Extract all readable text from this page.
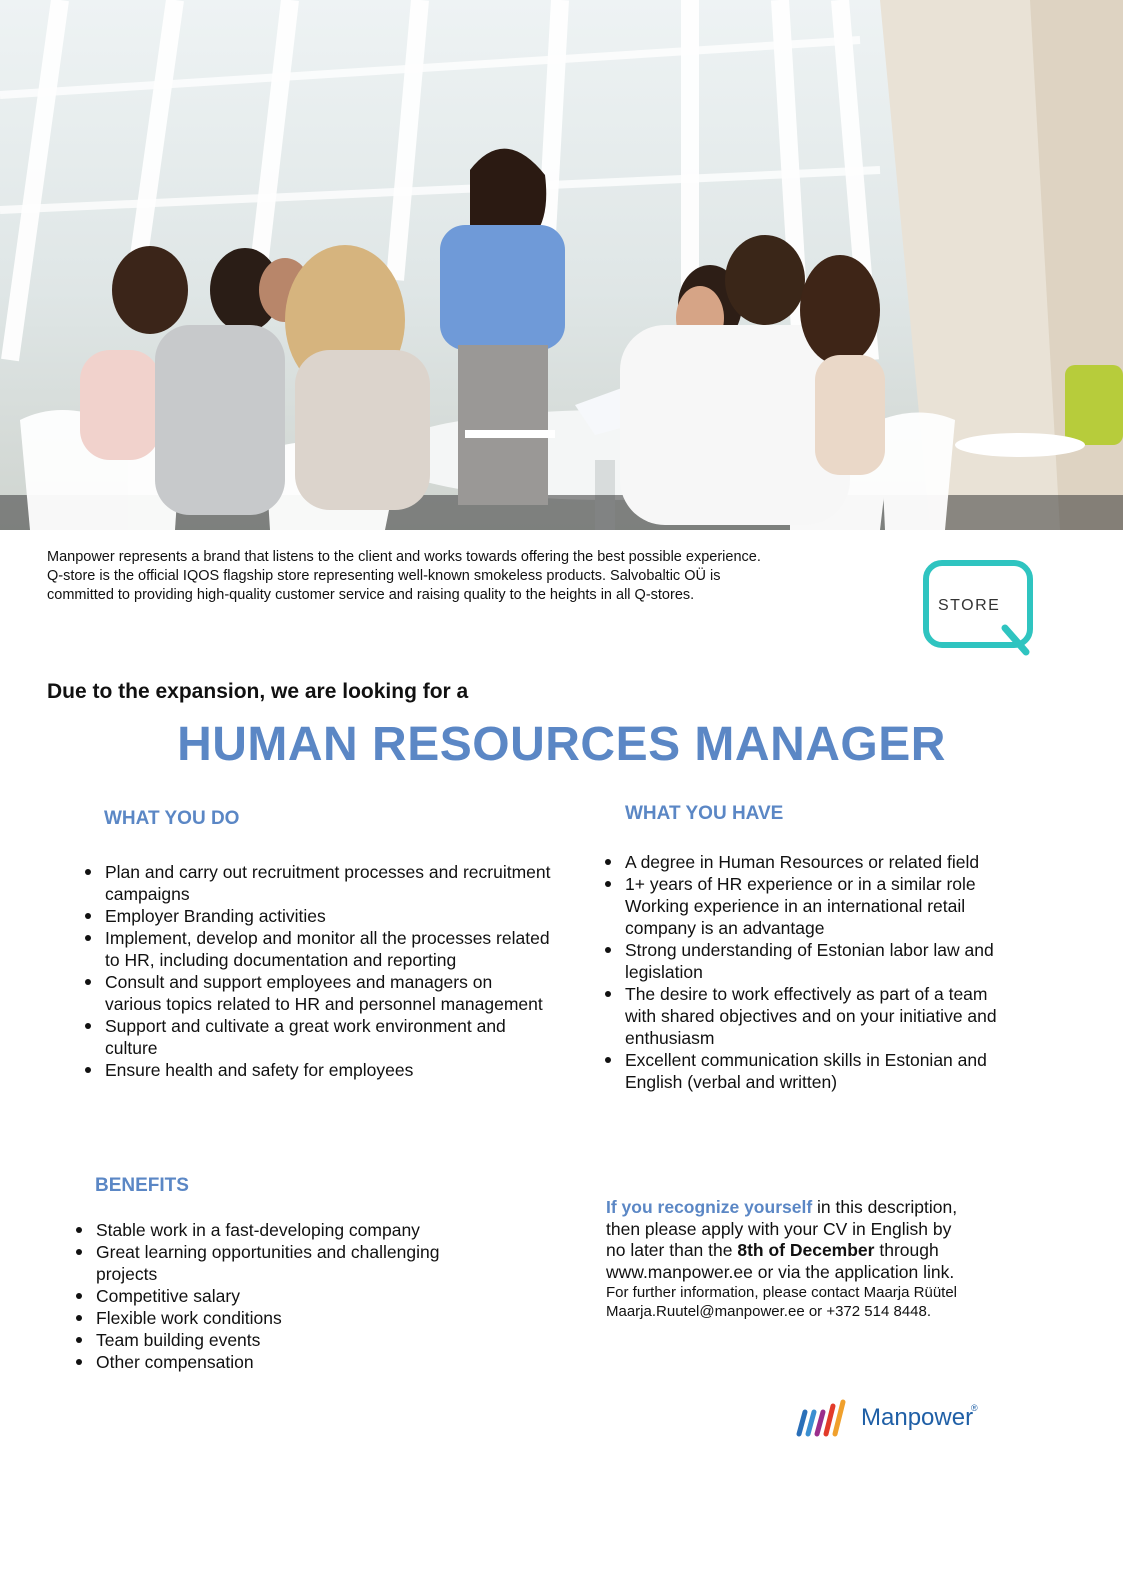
Manpower represents a brand that listens to the client and works towards offering the best possible experience.

Q-store is the official IQOS flagship store representing well-known smokeless products. Salvobaltic OÜ is

committed to providing high-quality customer service and raising quality to the heights in all Q-stores.

STORE
Due to the expansion, we are looking for a
HUMAN RESOURCES MANAGER
WHAT YOU DO
Plan and carry out recruitment processes and recruitment campaigns
Employer Branding activities
Implement, develop and monitor all the processes related to HR, including documentation and reporting
Consult and support employees and managers on various topics related to HR and personnel management
Support and cultivate a great work environment and culture
Ensure health and safety for employees
WHAT YOU HAVE
A degree in Human Resources or related field
1+ years of HR experience or in a similar role Working experience in an international retail company is an advantage
Strong understanding of Estonian labor law and legislation
The desire to work effectively as part of a team with shared objectives and on your initiative and enthusiasm
Excellent communication skills in Estonian and English (verbal and written)
BENEFITS
Stable work in a fast-developing company
Great learning opportunities and challenging projects
Competitive salary
Flexible work conditions
Team building events
Other compensation

If you recognize yourself in this description,

then please apply with your CV in English by

no later than the 8th of December through

www.manpower.ee or via the application link.

For further information, please contact Maarja Rüütel

Maarja.Ruutel@manpower.ee or +372 514 8448.

Manpower
®
